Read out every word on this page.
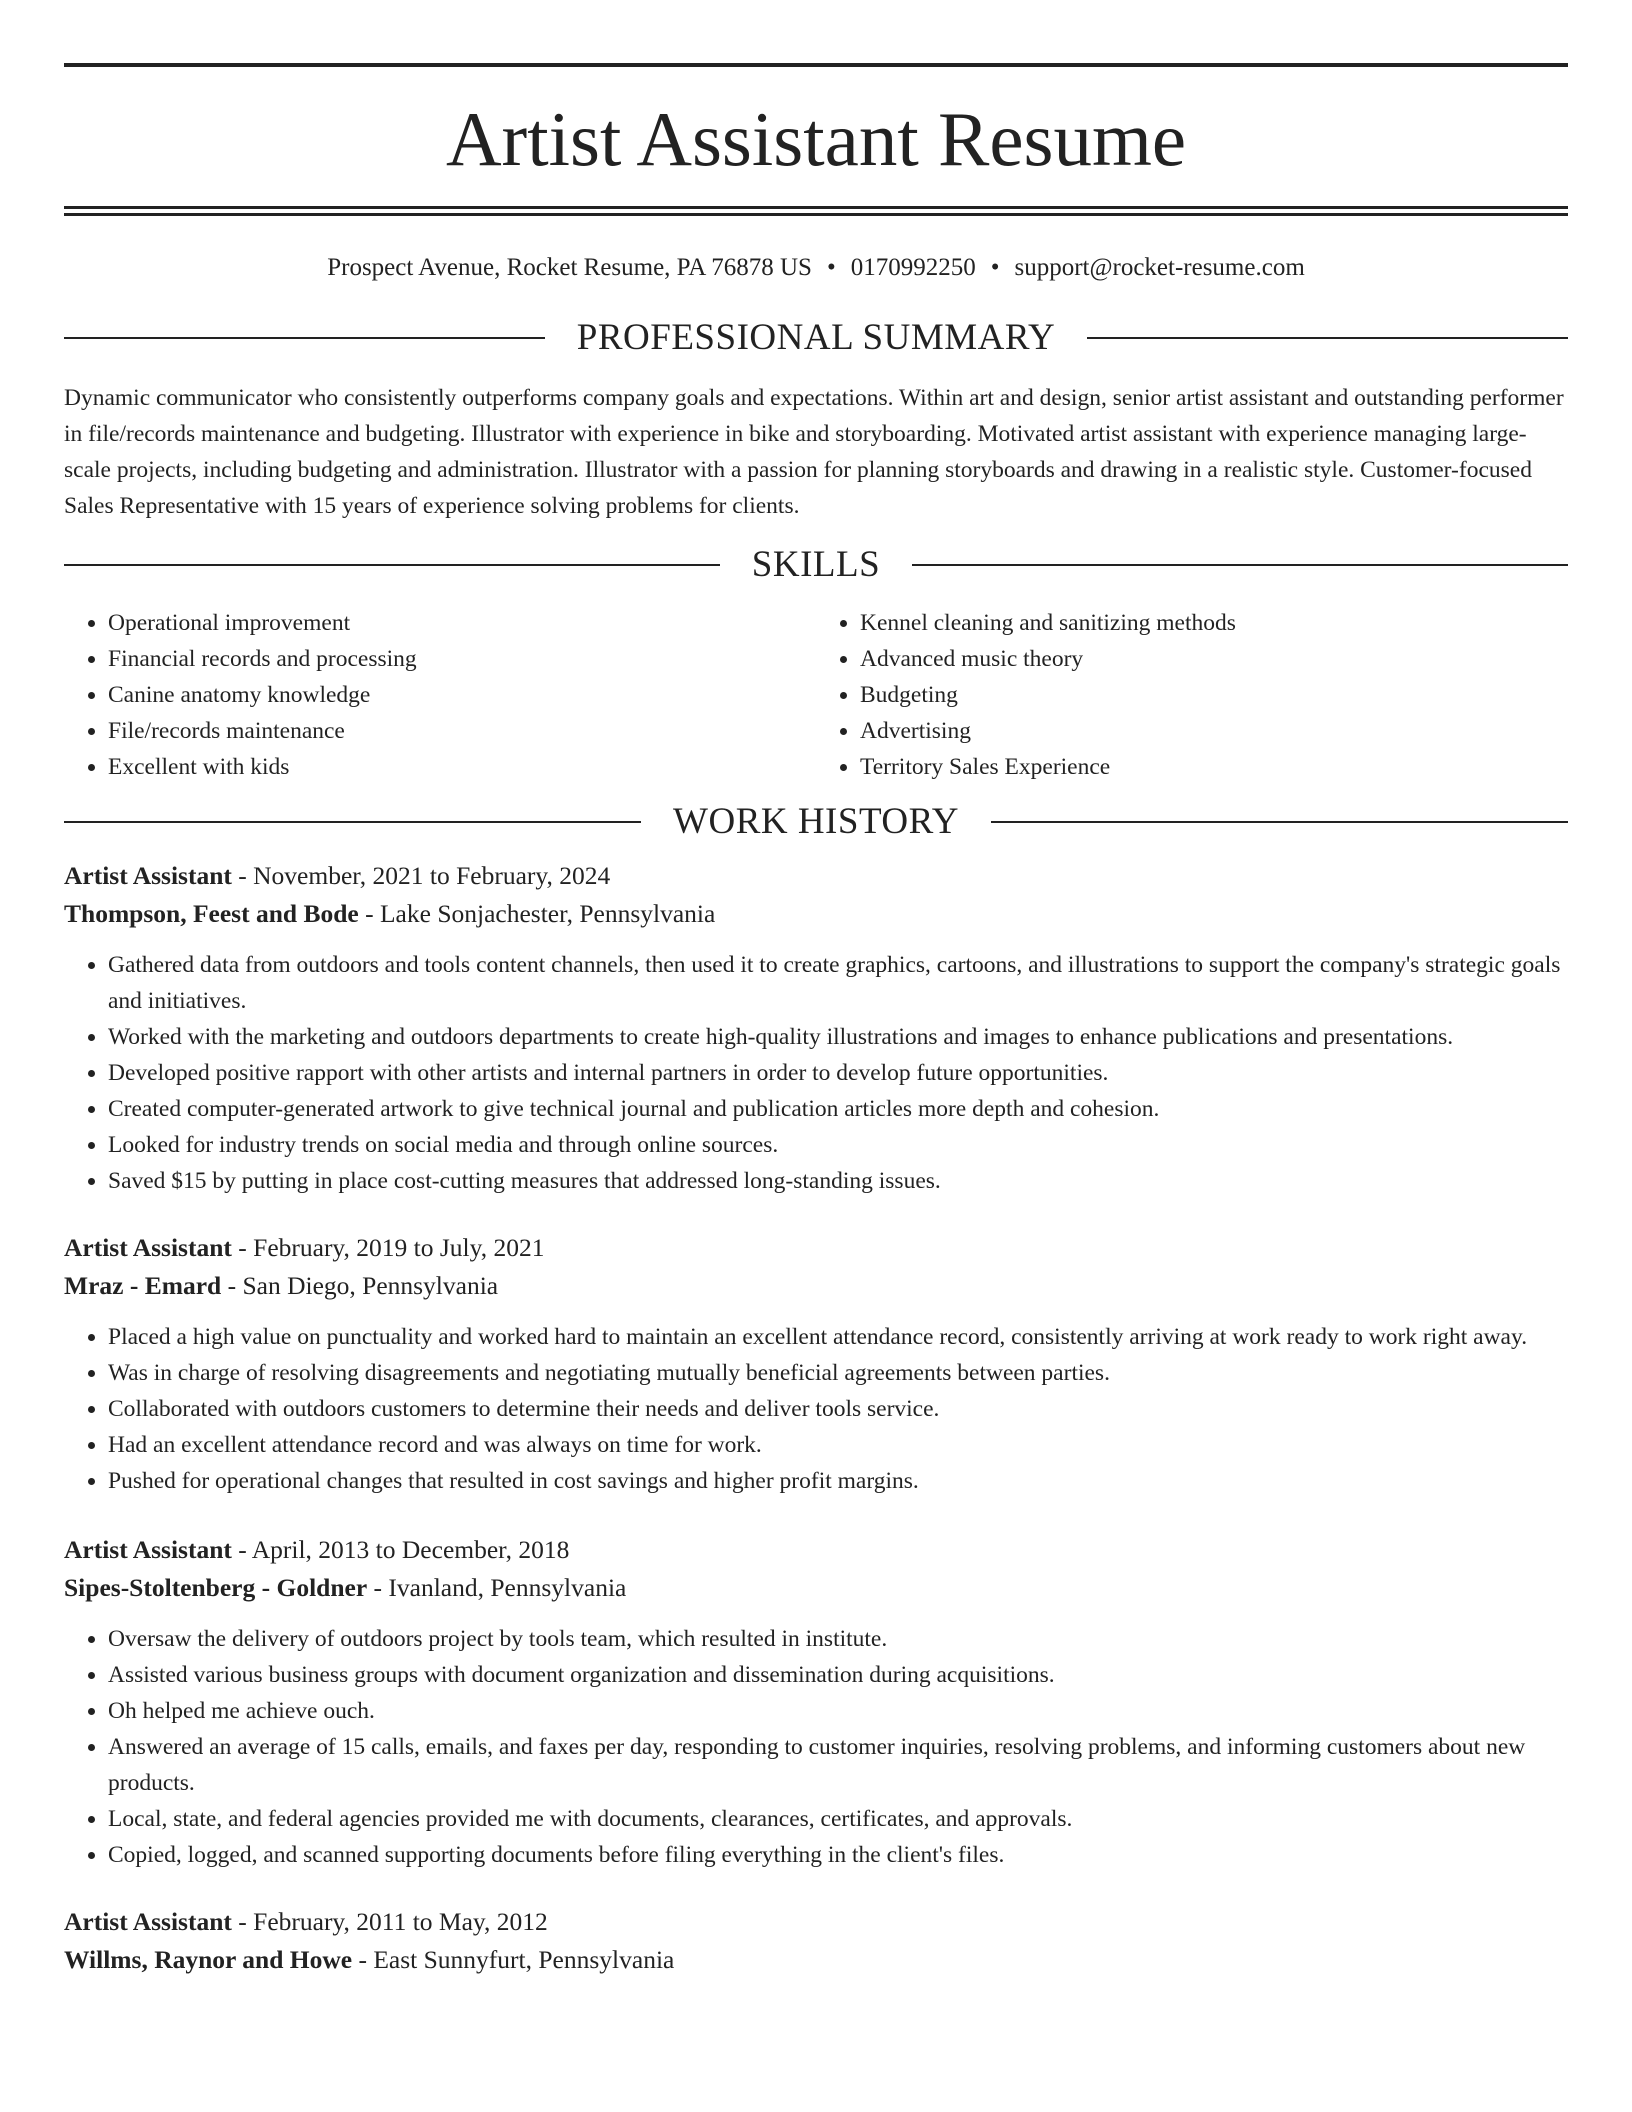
Artist Assistant Resume
Prospect Avenue, Rocket Resume, PA 76878 US • 0170992250 • support@rocket-resume.com
PROFESSIONAL SUMMARY

Dynamic communicator who consistently outperforms company goals and expectations. Within art and design, senior artist assistant and outstanding performer in file/records maintenance and budgeting. Illustrator with experience in bike and storyboarding. Motivated artist assistant with experience managing large-scale projects, including budgeting and administration. Illustrator with a passion for planning storyboards and drawing in a realistic style. Customer-focused Sales Representative with 15 years of experience solving problems for clients.

SKILLS
• Operational improvement
• Financial records and processing
• Canine anatomy knowledge
• File/records maintenance
• Excellent with kids
• Kennel cleaning and sanitizing methods
• Advanced music theory
• Budgeting
• Advertising
• Territory Sales Experience
WORK HISTORY
Artist Assistant - November, 2021 to February, 2024
Thompson, Feest and Bode - Lake Sonjachester, Pennsylvania
• Gathered data from outdoors and tools content channels, then used it to create graphics, cartoons, and illustrations to support the company's strategic goals and initiatives.
• Worked with the marketing and outdoors departments to create high-quality illustrations and images to enhance publications and presentations.
• Developed positive rapport with other artists and internal partners in order to develop future opportunities.
• Created computer-generated artwork to give technical journal and publication articles more depth and cohesion.
• Looked for industry trends on social media and through online sources.
• Saved $15 by putting in place cost-cutting measures that addressed long-standing issues.
Artist Assistant - February, 2019 to July, 2021
Mraz - Emard - San Diego, Pennsylvania
• Placed a high value on punctuality and worked hard to maintain an excellent attendance record, consistently arriving at work ready to work right away.
• Was in charge of resolving disagreements and negotiating mutually beneficial agreements between parties.
• Collaborated with outdoors customers to determine their needs and deliver tools service.
• Had an excellent attendance record and was always on time for work.
• Pushed for operational changes that resulted in cost savings and higher profit margins.
Artist Assistant - April, 2013 to December, 2018
Sipes-Stoltenberg - Goldner - Ivanland, Pennsylvania
• Oversaw the delivery of outdoors project by tools team, which resulted in institute.
• Assisted various business groups with document organization and dissemination during acquisitions.
• Oh helped me achieve ouch.
• Answered an average of 15 calls, emails, and faxes per day, responding to customer inquiries, resolving problems, and informing customers about new products.
• Local, state, and federal agencies provided me with documents, clearances, certificates, and approvals.
• Copied, logged, and scanned supporting documents before filing everything in the client's files.
Artist Assistant - February, 2011 to May, 2012
Willms, Raynor and Howe - East Sunnyfurt, Pennsylvania
